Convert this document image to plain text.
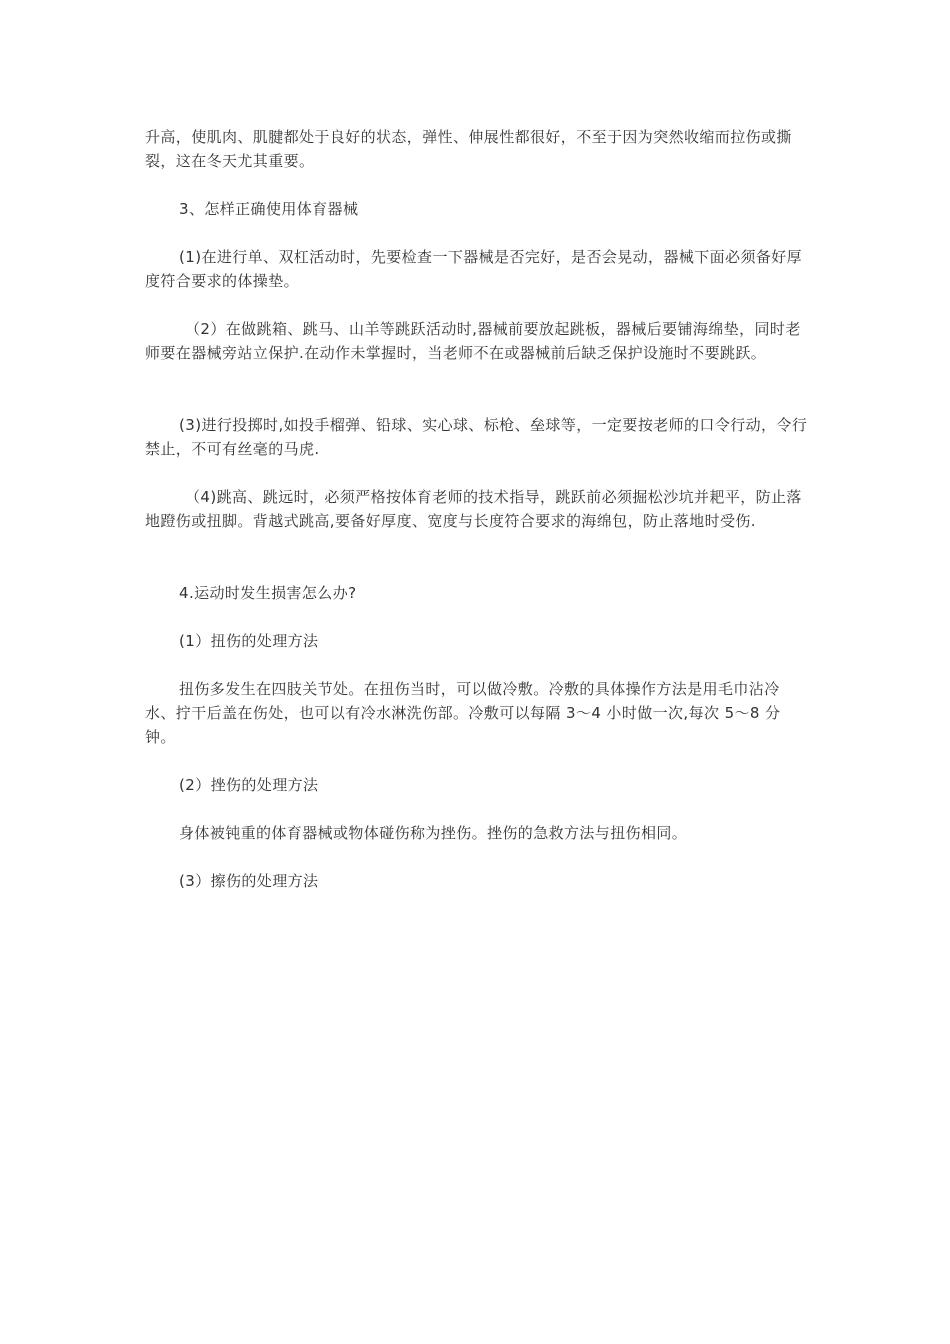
升高，使肌肉、肌腱都处于良好的状态，弹性、伸展性都很好，不至于因为突然收缩而拉伤或撕裂，这在冬天尤其重要。

3、怎样正确使用体育器械

(1)在进行单、双杠活动时，先要检查一下器械是否完好，是否会晃动，器械下面必须备好厚度符合要求的体操垫。

（2）在做跳箱、跳马、山羊等跳跃活动时,器械前要放起跳板，器械后要铺海绵垫，同时老师要在器械旁站立保护.在动作未掌握时，当老师不在或器械前后缺乏保护设施时不要跳跃。

(3)进行投掷时,如投手榴弹、铅球、实心球、标枪、垒球等，一定要按老师的口令行动，令行禁止，不可有丝毫的马虎.

（4)跳高、跳远时，必须严格按体育老师的技术指导，跳跃前必须掘松沙坑并耙平，防止落地蹬伤或扭脚。背越式跳高,要备好厚度、宽度与长度符合要求的海绵包，防止落地时受伤.

4.运动时发生损害怎么办?

(1）扭伤的处理方法

扭伤多发生在四肢关节处。在扭伤当时，可以做冷敷。冷敷的具体操作方法是用毛巾沾冷水、拧干后盖在伤处，也可以有冷水淋洗伤部。冷敷可以每隔 3～4 小时做一次,每次 5～8 分钟。

(2）挫伤的处理方法

身体被钝重的体育器械或物体碰伤称为挫伤。挫伤的急救方法与扭伤相同。

(3）擦伤的处理方法
